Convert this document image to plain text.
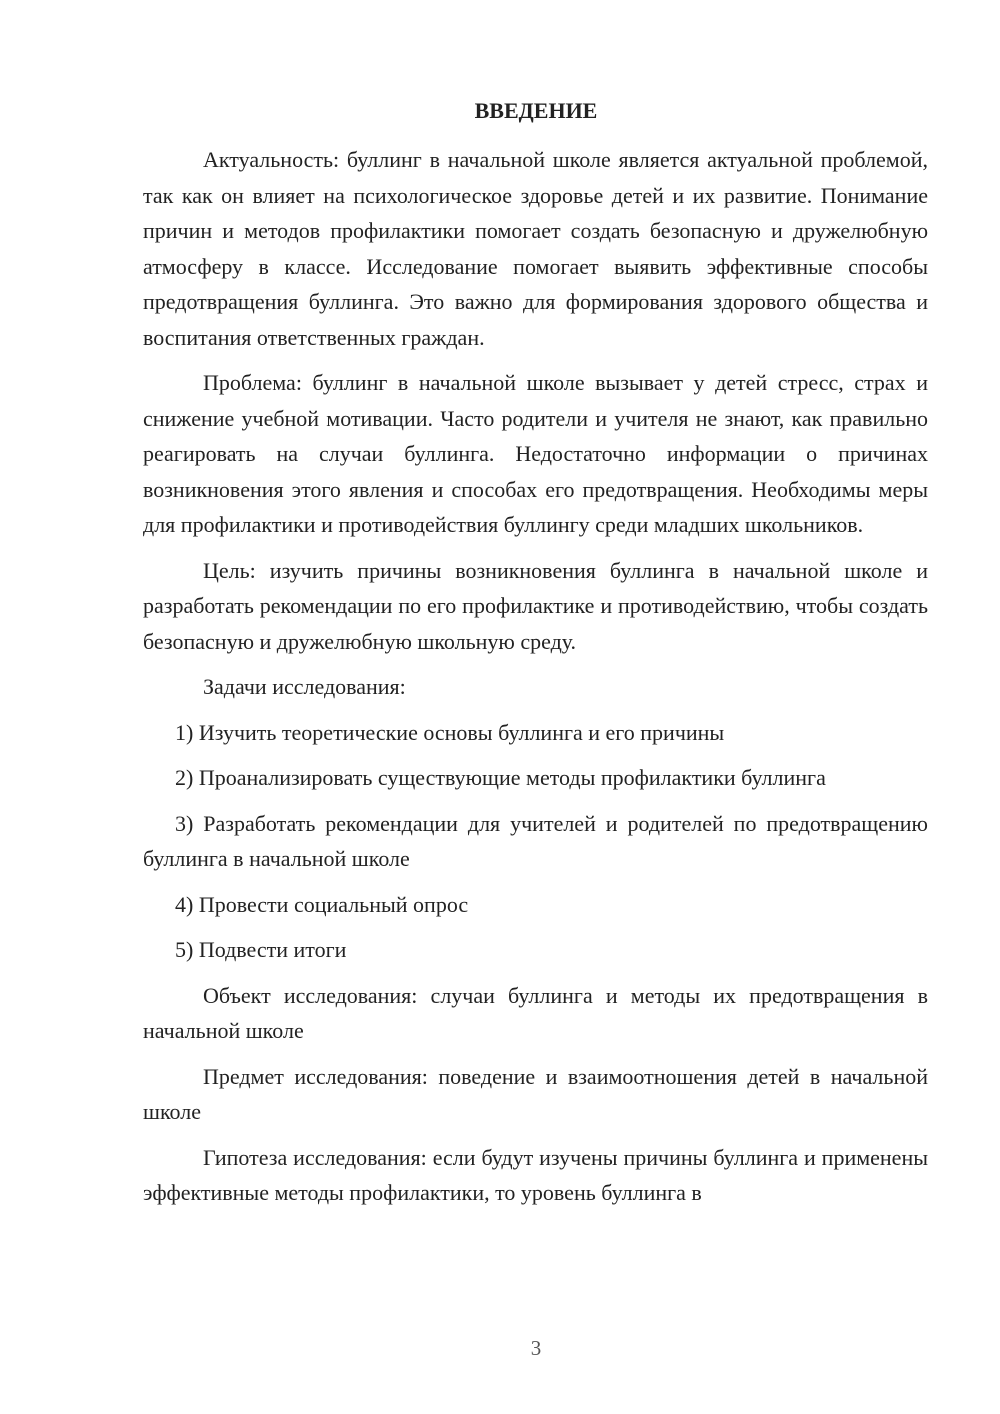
ВВЕДЕНИЕ

Актуальность: буллинг в начальной школе является актуальной проблемой, так как он влияет на психологическое здоровье детей и их развитие. Понимание причин и методов профилактики помогает создать безопасную и дружелюбную атмосферу в классе. Исследование помогает выявить эффективные способы предотвращения буллинга. Это важно для формирования здорового общества и воспитания ответственных граждан.

Проблема: буллинг в начальной школе вызывает у детей стресс, страх и снижение учебной мотивации. Часто родители и учителя не знают, как правильно реагировать на случаи буллинга. Недостаточно информации о причинах возникновения этого явления и способах его предотвращения. Необходимы меры для профилактики и противодействия буллингу среди младших школьников.

Цель: изучить причины возникновения буллинга в начальной школе и разработать рекомендации по его профилактике и противодействию, чтобы создать безопасную и дружелюбную школьную среду.

Задачи исследования:

1) Изучить теоретические основы буллинга и его причины

2) Проанализировать существующие методы профилактики буллинга

3) Разработать рекомендации для учителей и родителей по предотвращению буллинга в начальной школе

4) Провести социальный опрос

5) Подвести итоги

Объект исследования: случаи буллинга и методы их предотвращения в начальной школе

Предмет исследования: поведение и взаимоотношения детей в начальной школе

Гипотеза исследования: если будут изучены причины буллинга и применены эффективные методы профилактики, то уровень буллинга в

3
